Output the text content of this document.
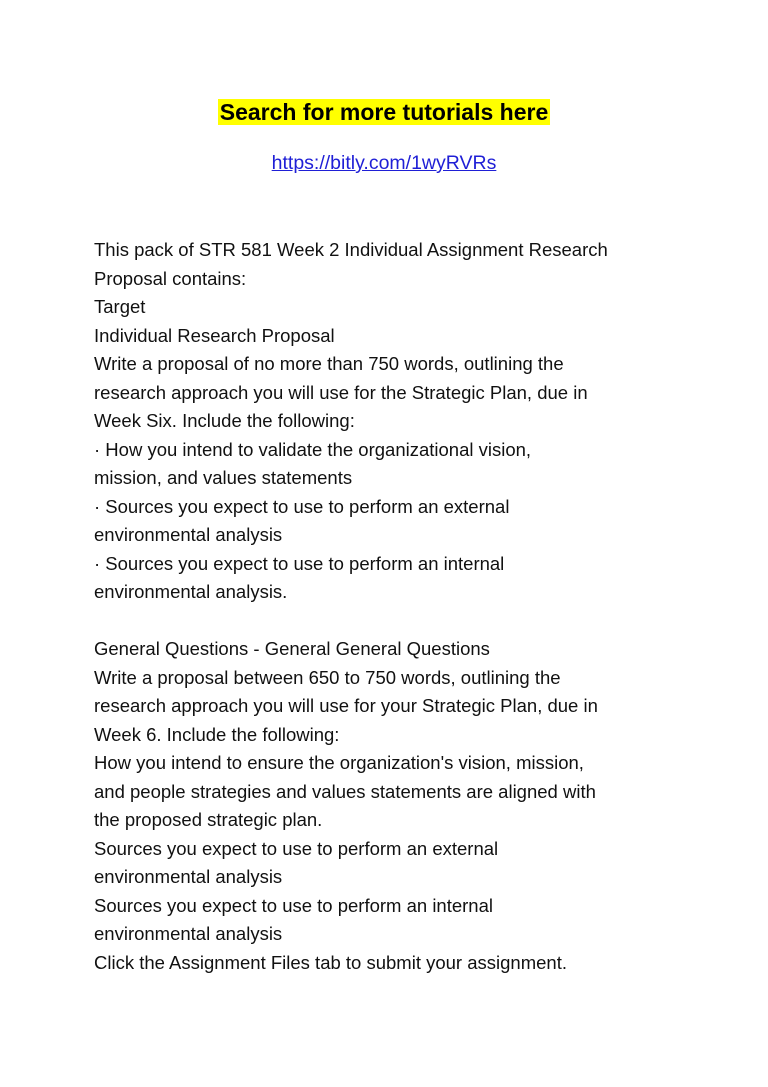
Search for more tutorials here
https://bitly.com/1wyRVRs

This pack of STR 581 Week 2 Individual Assignment Research

Proposal contains:

Target

Individual Research Proposal

Write a proposal of no more than 750 words, outlining the

research approach you will use for the Strategic Plan, due in

Week Six. Include the following:

· How you intend to validate the organizational vision,

mission, and values statements

· Sources you expect to use to perform an external

environmental analysis

· Sources you expect to use to perform an internal

environmental analysis.

General Questions - General General Questions

Write a proposal between 650 to 750 words, outlining the

research approach you will use for your Strategic Plan, due in

Week 6. Include the following:

How you intend to ensure the organization's vision, mission,

and people strategies and values statements are aligned with

the proposed strategic plan.

Sources you expect to use to perform an external

environmental analysis

Sources you expect to use to perform an internal

environmental analysis

Click the Assignment Files tab to submit your assignment.
